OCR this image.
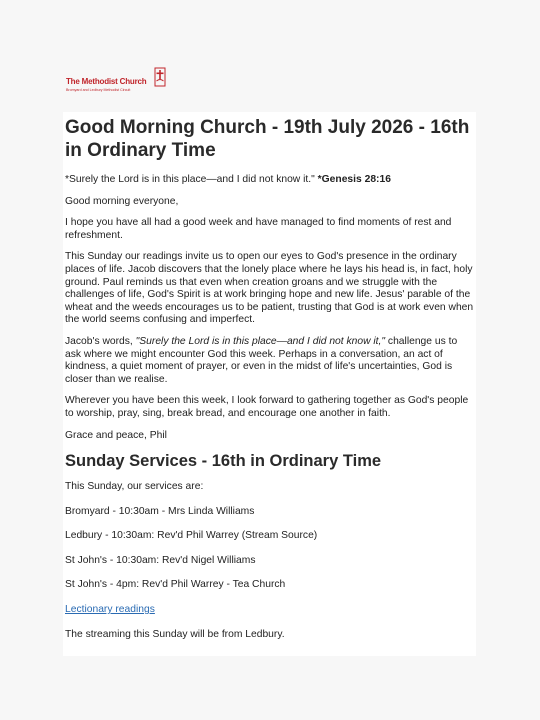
The Methodist Church
Bromyard and Ledbury Methodist Circuit
Good Morning Church - 19th July 2026 - 16th in Ordinary Time

*Surely the Lord is in this place—and I did not know it." *Genesis 28:16

Good morning everyone,

I hope you have all had a good week and have managed to find moments of rest and refreshment.

This Sunday our readings invite us to open our eyes to God's presence in the ordinary places of life. Jacob discovers that the lonely place where he lays his head is, in fact, holy ground. Paul reminds us that even when creation groans and we struggle with the challenges of life, God's Spirit is at work bringing hope and new life. Jesus' parable of the wheat and the weeds encourages us to be patient, trusting that God is at work even when the world seems confusing and imperfect.

Jacob's words, "Surely the Lord is in this place—and I did not know it," challenge us to ask where we might encounter God this week. Perhaps in a conversation, an act of kindness, a quiet moment of prayer, or even in the midst of life's uncertainties, God is closer than we realise.

Wherever you have been this week, I look forward to gathering together as God's people to worship, pray, sing, break bread, and encourage one another in faith.

Grace and peace, Phil

Sunday Services - 16th in Ordinary Time

This Sunday, our services are:

Bromyard - 10:30am - Mrs Linda Williams

Ledbury - 10:30am: Rev'd Phil Warrey (Stream Source)

St John's - 10:30am: Rev'd Nigel Williams

St John's - 4pm: Rev'd Phil Warrey - Tea Church

Lectionary readings

The streaming this Sunday will be from Ledbury.
